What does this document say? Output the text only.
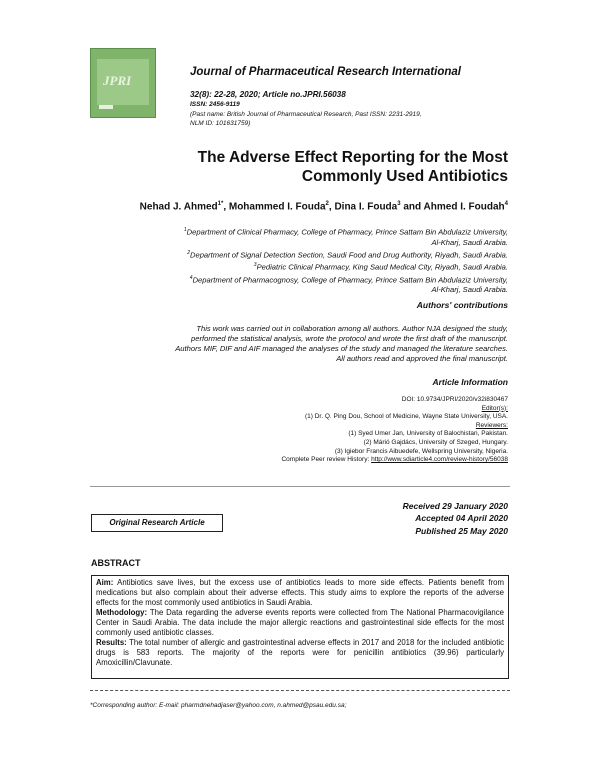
JPRI
Journal of Pharmaceutical Research International
32(8): 22-28, 2020; Article no.JPRI.56038
ISSN: 2456-9119
(Past name: British Journal of Pharmaceutical Research, Past ISSN: 2231-2919,
NLM ID: 101631759)
The Adverse Effect Reporting for the Most
Commonly Used Antibiotics
Nehad J. Ahmed$^{1*}$, Mohammed I. Fouda$^2$, Dina I. Fouda$^3$ and Ahmed I. Foudah$^4$
$^1$Department of Clinical Pharmacy, College of Pharmacy, Prince Sattam Bin Abdulaziz University,
Al-Kharj, Saudi Arabia.
$^2$Department of Signal Detection Section, Saudi Food and Drug Authority, Riyadh, Saudi Arabia.
$^3$Pediatric Clinical Pharmacy, King Saud Medical City, Riyadh, Saudi Arabia.
$^4$Department of Pharmacognosy, College of Pharmacy, Prince Sattam Bin Abdulaziz University,
Al-Kharj, Saudi Arabia.
Authors' contributions
This work was carried out in collaboration among all authors. Author NJA designed the study,
performed the statistical analysis, wrote the protocol and wrote the first draft of the manuscript.
Authors MIF, DIF and AIF managed the analyses of the study and managed the literature searches.
All authors read and approved the final manuscript.
Article Information
DOI: 10.9734/JPRI/2020/v32i830467
Editor(s):
(1) Dr. Q. Ping Dou, School of Medicine, Wayne State University, USA.
Reviewers:
(1) Syed Umer Jan, University of Balochistan, Pakistan.
(2) Márió Gajdács, University of Szeged, Hungary.
(3) Igiebor Francis Aibuedefe, Wellspring University, Nigeria.
Complete Peer review History: http://www.sdiarticle4.com/review-history/56038
Original Research Article
Received 29 January 2020
Accepted 04 April 2020
Published 25 May 2020
ABSTRACT
Aim: Antibiotics save lives, but the excess use of antibiotics leads to more side effects. Patients benefit from medications but also complain about their adverse effects. This study aims to explore the reports of the adverse effects for the most commonly used antibiotics in Saudi Arabia.
Methodology: The Data regarding the adverse events reports were collected from The National Pharmacovigilance Center in Saudi Arabia. The data include the major allergic reactions and gastrointestinal side effects for the most commonly used antibiotic classes.
Results: The total number of allergic and gastrointestinal adverse effects in 2017 and 2018 for the included antibiotic drugs is 583 reports. The majority of the reports were for penicillin antibiotics (39.96) particularly Amoxicillin/Clavunate.
*Corresponding author: E-mail: pharmdnehadjaser@yahoo.com, n.ahmed@psau.edu.sa;
